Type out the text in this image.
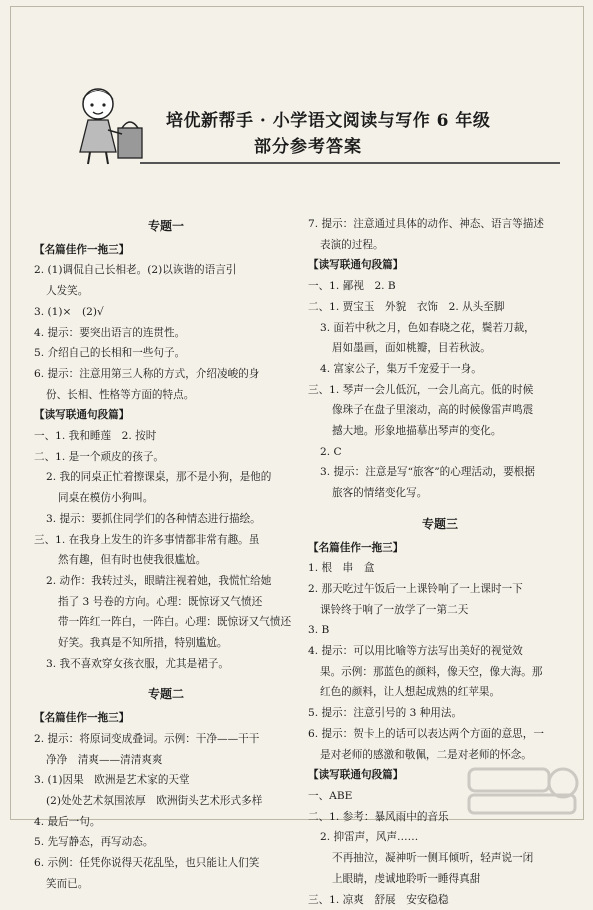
培优新帮手 · 小学语文阅读与写作 6 年级
部分参考答案
专题一
【名篇佳作一拖三】
2. (1)调侃自己长相老。(2)以诙谐的语言引
人发笑。
3. (1)×　(2)√
4. 提示：要突出语言的连贯性。
5. 介绍自己的长相和一些句子。
6. 提示：注意用第三人称的方式，介绍凌峻的身
份、长相、性格等方面的特点。
【读写联通句段篇】
一、1. 我和睡莲　2. 按时
二、1. 是一个顽皮的孩子。
2. 我的同桌正忙着擦课桌，那不是小狗，是他的
同桌在模仿小狗叫。
3. 提示：要抓住同学们的各种情态进行描绘。
三、1. 在我身上发生的许多事情都非常有趣。虽
然有趣，但有时也使我很尴尬。
2. 动作：我转过头，眼睛注视着她，我慌忙给她
指了 3 号卷的方向。心理：既惊讶又气愤还
带一阵红一阵白，一阵白。心理：既惊讶又气愤还
好笑。我真是不知所措，特别尴尬。
3. 我不喜欢穿女孩衣服，尤其是裙子。
专题二
【名篇佳作一拖三】
2. 提示：将原词变成叠词。示例：干净——干干
净净　清爽——清清爽爽
3. (1)因果　欧洲是艺术家的天堂
(2)处处艺术氛围浓厚　欧洲街头艺术形式多样
4. 最后一句。
5. 先写静态，再写动态。
6. 示例：任凭你说得天花乱坠，也只能让人们笑
笑而已。
7. 提示：注意通过具体的动作、神态、语言等描述
表演的过程。
【读写联通句段篇】
一、1. 鄙视　2. B
二、1. 贾宝玉　外貌　衣饰　2. 从头至脚
3. 面若中秋之月，色如春晓之花，鬓若刀裁，
眉如墨画，面如桃瓣，目若秋波。
4. 富家公子，集万千宠爱于一身。
三、1. 琴声一会儿低沉，一会儿高亢。低的时候
像珠子在盘子里滚动，高的时候像雷声鸣震
撼大地。形象地描摹出琴声的变化。
2. C
3. 提示：注意是写“旅客”的心理活动，要根据
旅客的情绪变化写。
专题三
【名篇佳作一拖三】
1. 根　串　盒
2. 那天吃过午饭后一上课铃响了一上课时一下
课铃终于响了一放学了一第二天
3. B
4. 提示：可以用比喻等方法写出美好的视觉效
果。示例：那蓝色的颜料，像天空，像大海。那
红色的颜料，让人想起成熟的红苹果。
5. 提示：注意引号的 3 种用法。
6. 提示：贺卡上的话可以表达两个方面的意思，一
是对老师的感激和敬佩，二是对老师的怀念。
【读写联通句段篇】
一、ABE
二、1. 参考：暴风雨中的音乐
2. 抑雷声，风声……
不再抽泣，凝神听一侧耳倾听，轻声说一闭
上眼睛，虔诚地聆听一睡得真甜
三、1. 凉爽　舒展　安安稳稳
